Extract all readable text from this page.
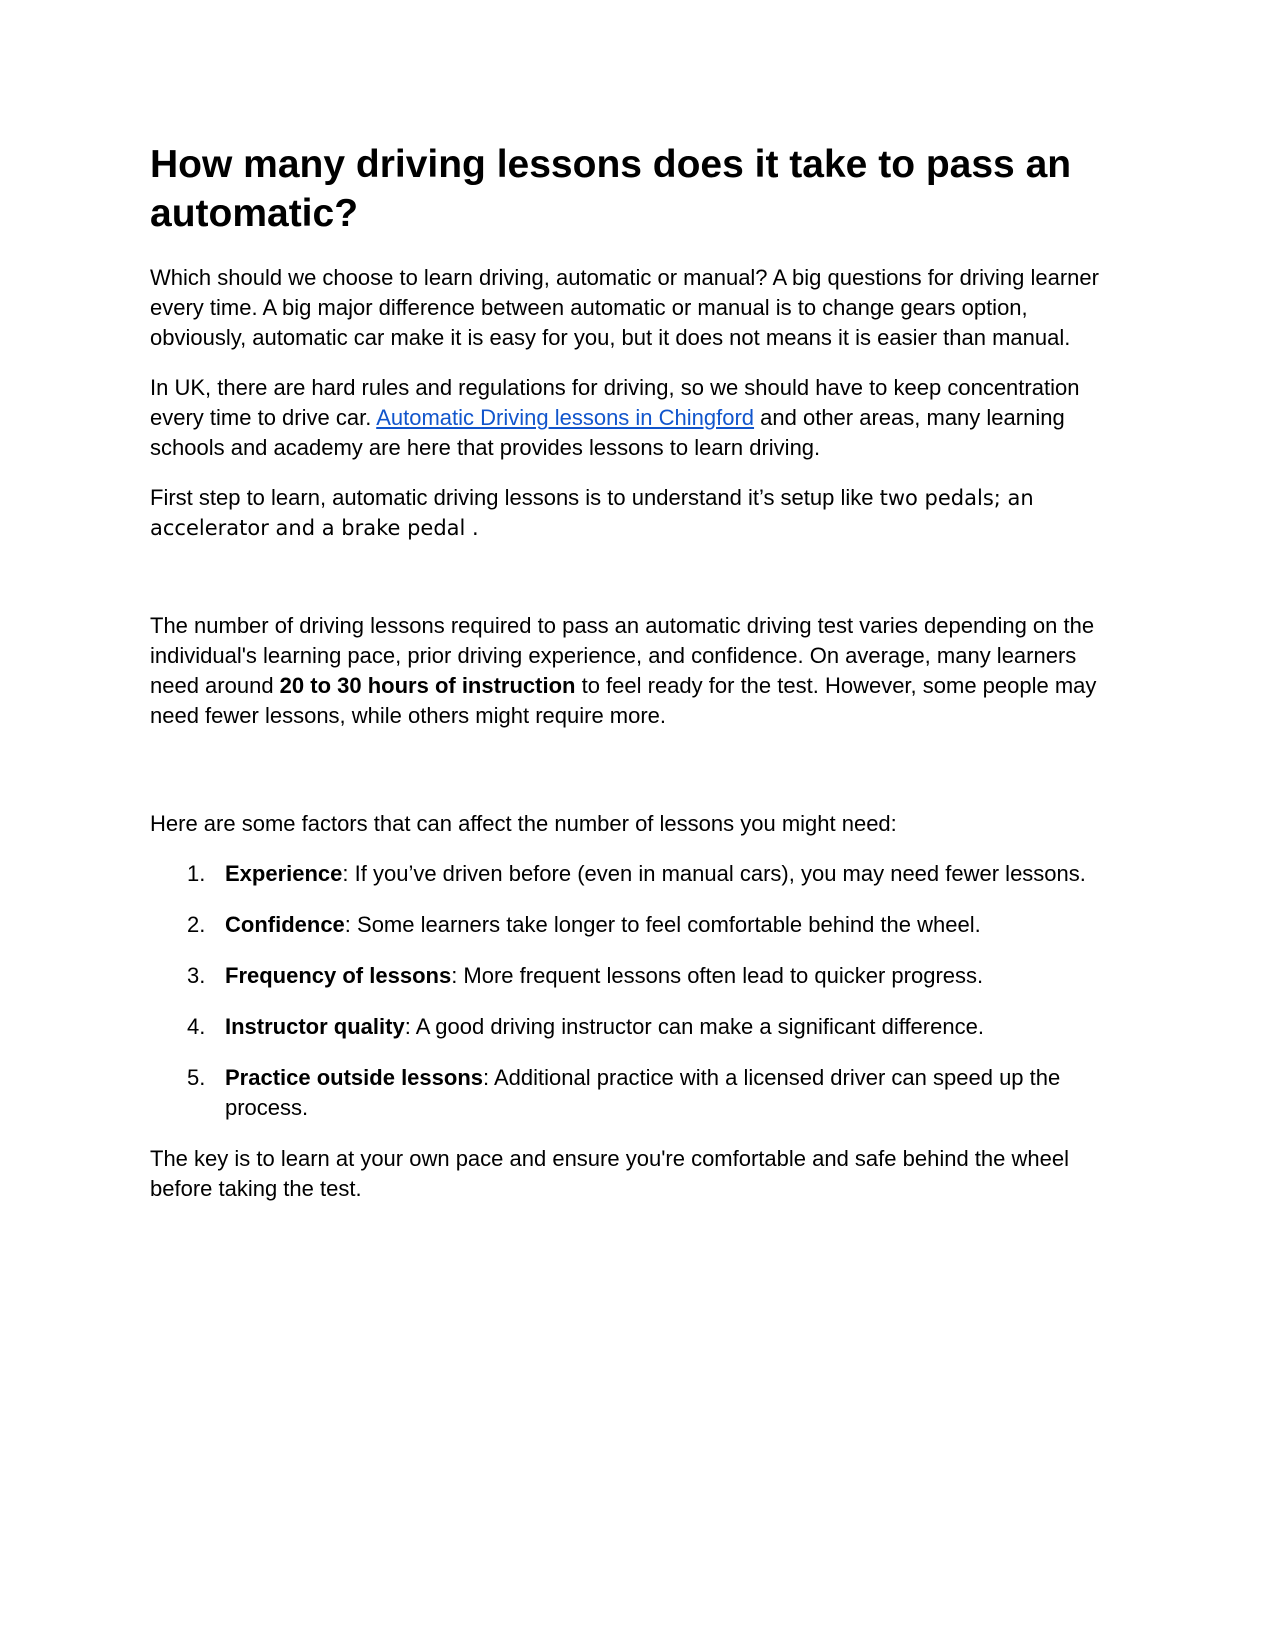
How many driving lessons does it take to pass an automatic?

Which should we choose to learn driving, automatic or manual? A big questions for driving learner every time. A big major difference between automatic or manual is to change gears option, obviously, automatic car make it is easy for you, but it does not means it is easier than manual.

In UK, there are hard rules and regulations for driving, so we should have to keep concentration every time to drive car. Automatic Driving lessons in Chingford and other areas, many learning schools and academy are here that provides lessons to learn driving.

First step to learn, automatic driving lessons is to understand it’s setup like two pedals; an accelerator and a brake pedal .

The number of driving lessons required to pass an automatic driving test varies depending on the individual's learning pace, prior driving experience, and confidence. On average, many learners need around 20 to 30 hours of instruction to feel ready for the test. However, some people may need fewer lessons, while others might require more.

Here are some factors that can affect the number of lessons you might need:

1. Experience: If you’ve driven before (even in manual cars), you may need fewer lessons.
2. Confidence: Some learners take longer to feel comfortable behind the wheel.
3. Frequency of lessons: More frequent lessons often lead to quicker progress.
4. Instructor quality: A good driving instructor can make a significant difference.
5. Practice outside lessons: Additional practice with a licensed driver can speed up the process.

The key is to learn at your own pace and ensure you're comfortable and safe behind the wheel before taking the test.
